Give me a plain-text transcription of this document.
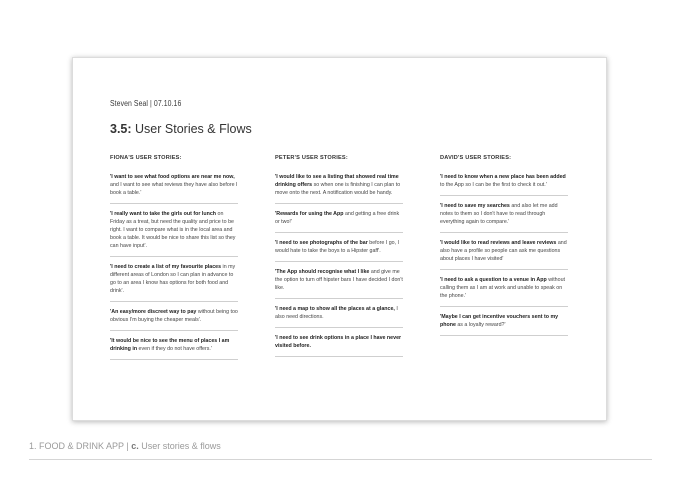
Steven Seal | 07.10.16
3.5: User Stories & Flows
FIONA'S USER STORIES:
'I want to see what food options are near me now, and I want to see what reviews they have also before I book a table.'
'I really want to take the girls out for lunch on Friday as a treat, but need the quality and price to be right. I want to compare what is in the local area and book a table. It would be nice to share this list so they can have input'.
'I need to create a list of my favourite places in my different areas of London so I can plan in advance to go to an area I know has options for both food and drink'.
'An easy/more discreet way to pay without being too obvious I'm buying the cheaper meals'.
'It would be nice to see the menu of places I am drinking in even if they do not have offers.'
PETER'S USER STORIES:
'I would like to see a listing that showed real time drinking offers so when one is finishing I can plan to move onto the next. A notification would be handy.
'Rewards for using the App and getting a free drink or two!'
'I need to see photographs of the bar before I go, I would hate to take the boys to a Hipster gaff'.
'The App should recognise what I like and give me the option to turn off hipster bars I have decided I don't like.
'I need a map to show all the places at a glance, I also need directions.
'I need to see drink options in a place I have never visited before.
DAVID'S USER STORIES:
'I need to know when a new place has been added to the App so I can be the first to check it out.'
'I need to save my searches and also let me add notes to them so I don't have to read through everything again to compare.'
'I would like to read reviews and leave reviews and also have a profile so people can ask me questions about places I have visited'
'I need to ask a question to a venue in App without calling them as I am at work and unable to speak on the phone.'
'Maybe I can get incentive vouchers sent to my phone as a loyalty reward?'
1. FOOD & DRINK APP | c. User stories & flows
